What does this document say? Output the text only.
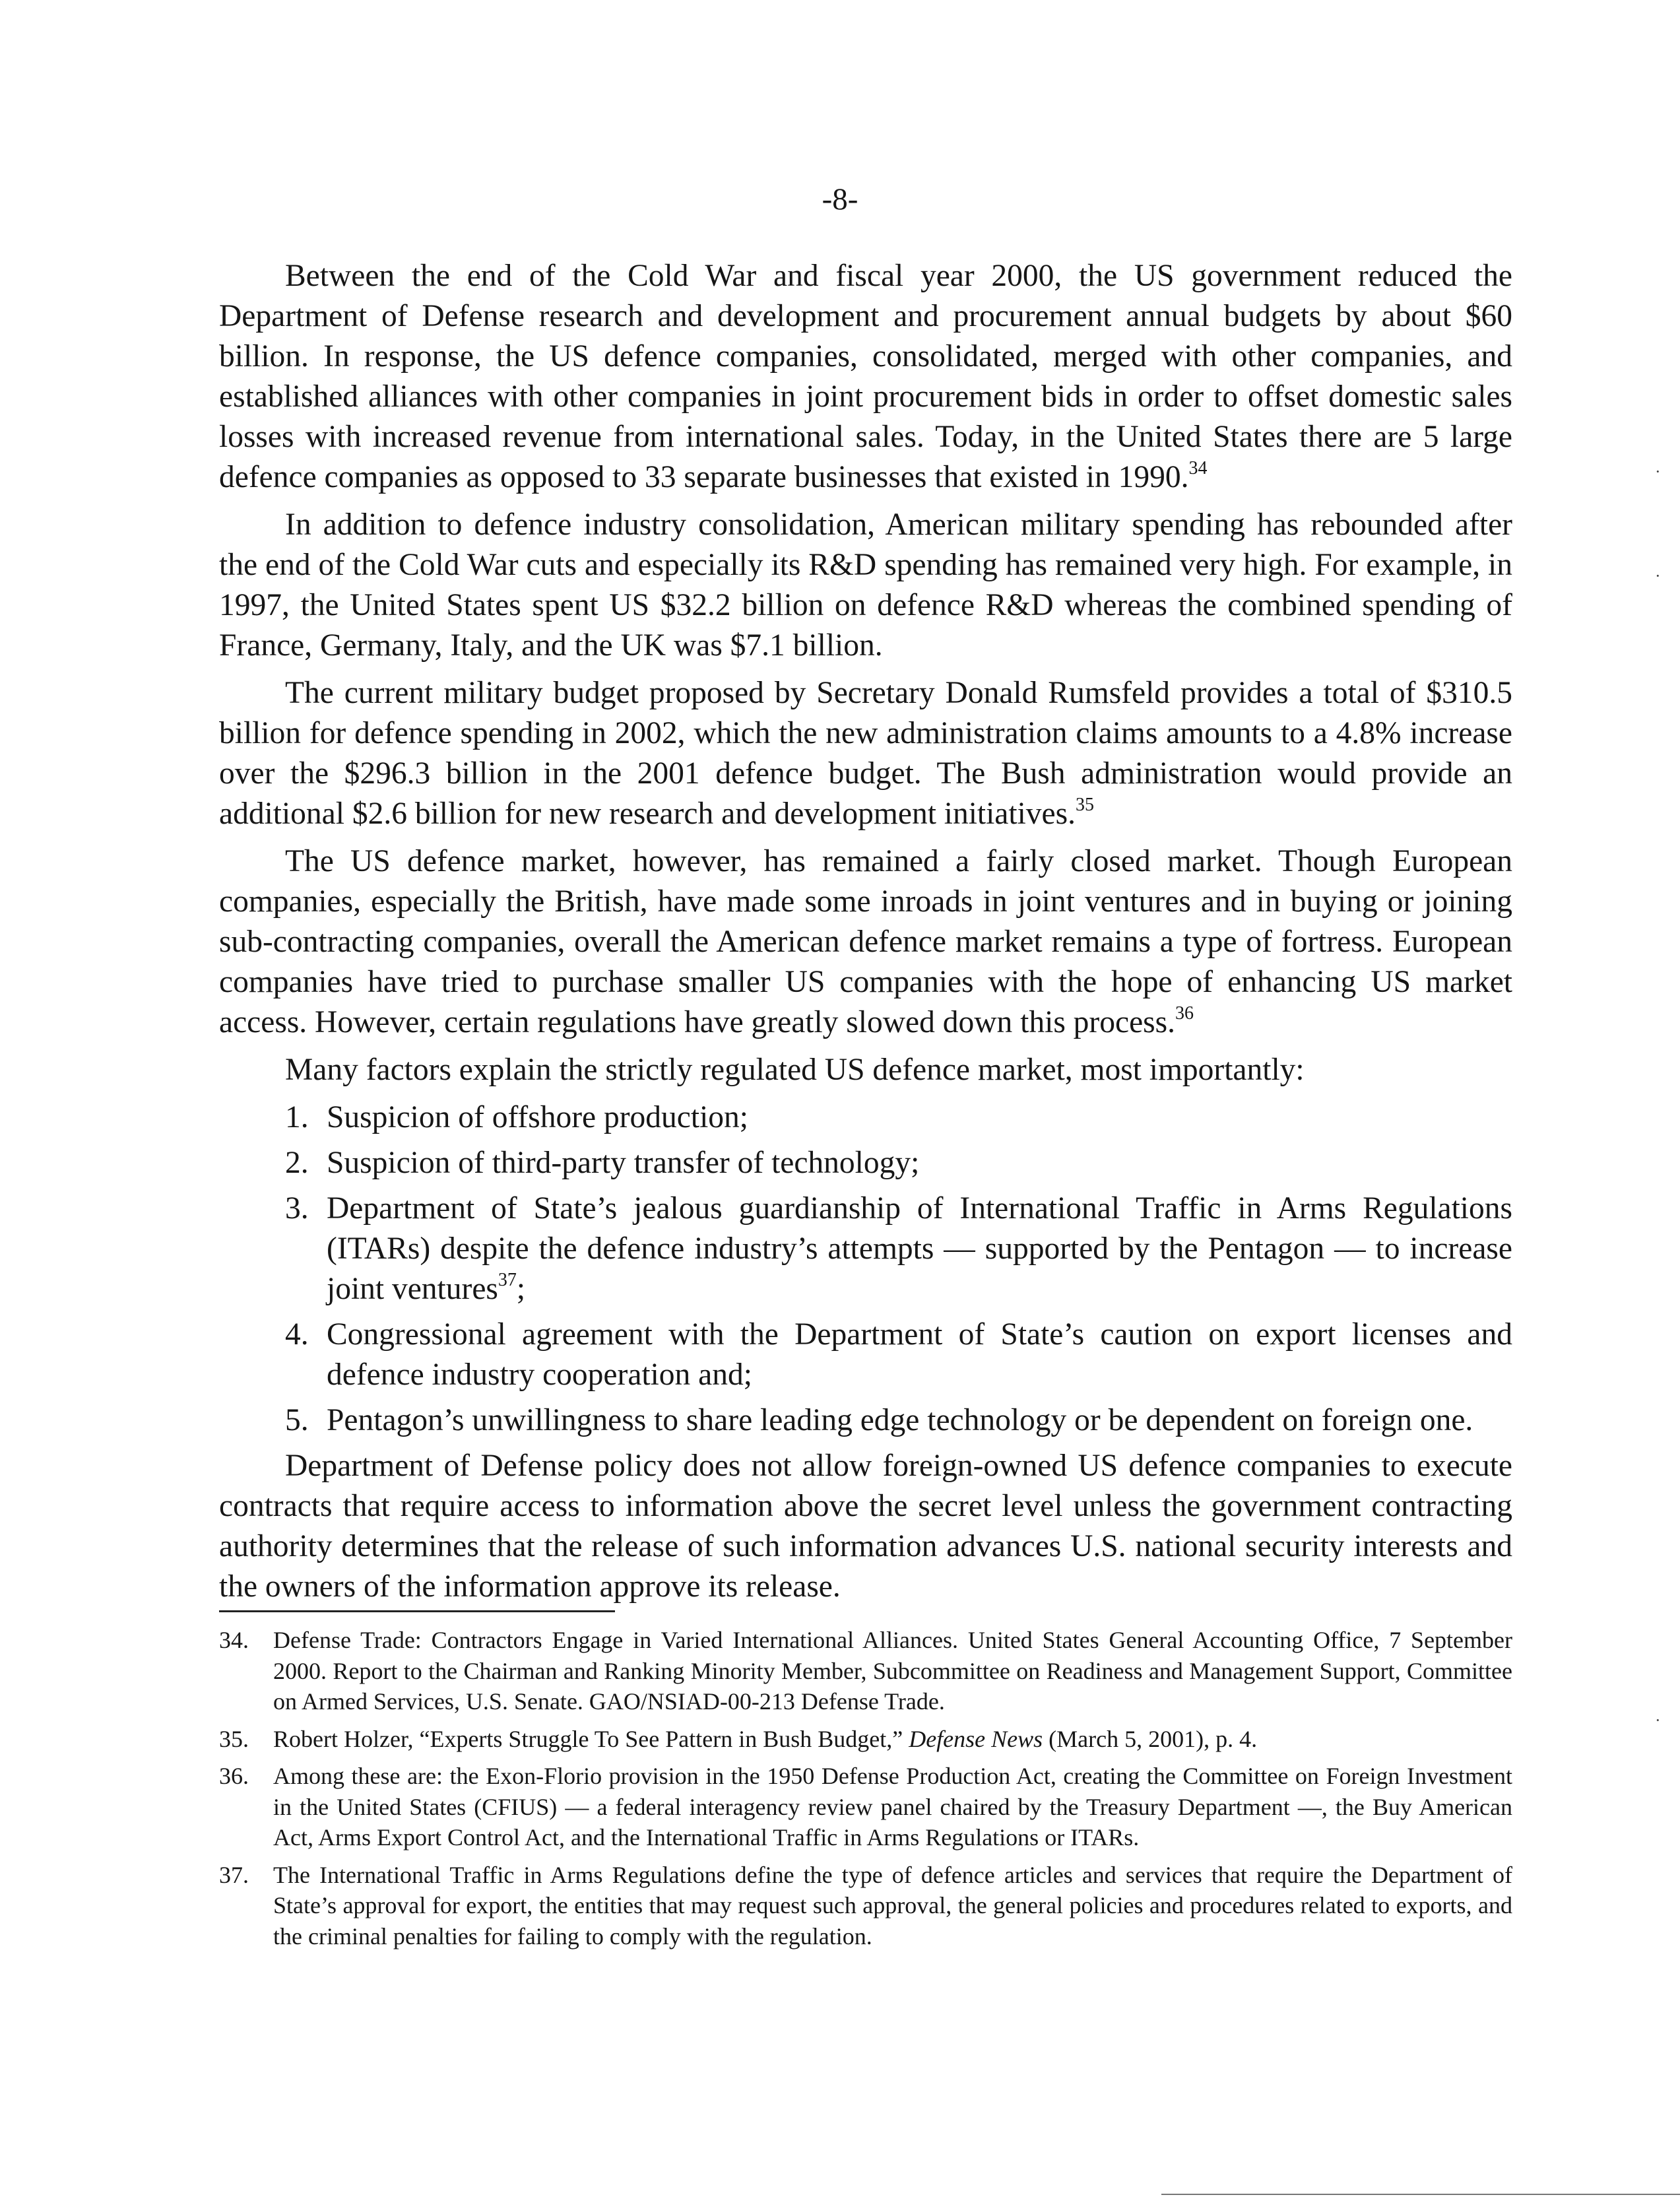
-8-

Between the end of the Cold War and fiscal year 2000, the US government reduced the Department of Defense research and development and procurement annual budgets by about $60 billion. In response, the US defence companies, consolidated, merged with other companies, and established alliances with other companies in joint procurement bids in order to offset domestic sales losses with increased revenue from international sales. Today, in the United States there are 5 large defence companies as opposed to 33 separate businesses that existed in 1990.34

In addition to defence industry consolidation, American military spending has rebounded after the end of the Cold War cuts and especially its R&D spending has remained very high. For example, in 1997, the United States spent US $32.2 billion on defence R&D whereas the combined spending of France, Germany, Italy, and the UK was $7.1 billion.

The current military budget proposed by Secretary Donald Rumsfeld provides a total of $310.5 billion for defence spending in 2002, which the new administration claims amounts to a 4.8% increase over the $296.3 billion in the 2001 defence budget. The Bush administration would provide an additional $2.6 billion for new research and development initiatives.$^{35}$

The US defence market, however, has remained a fairly closed market. Though European companies, especially the British, have made some inroads in joint ventures and in buying or joining sub-contracting companies, overall the American defence market remains a type of fortress. European companies have tried to purchase smaller US companies with the hope of enhancing US market access. However, certain regulations have greatly slowed down this process.$^{36}$

Many factors explain the strictly regulated US defence market, most importantly:

1. Suspicion of offshore production;
2. Suspicion of third-party transfer of technology;
3. Department of State’s jealous guardianship of International Traffic in Arms Regulations (ITARs) despite the defence industry’s attempts — supported by the Pentagon — to increase joint ventures$^{37}$;
4. Congressional agreement with the Department of State’s caution on export licenses and defence industry cooperation and;
5. Pentagon’s unwillingness to share leading edge technology or be dependent on foreign one.

Department of Defense policy does not allow foreign-owned US defence companies to execute contracts that require access to information above the secret level unless the government contracting authority determines that the release of such information advances U.S. national security interests and the owners of the information approve its release.

34. Defense Trade: Contractors Engage in Varied International Alliances. United States General Accounting Office, 7 September 2000. Report to the Chairman and Ranking Minority Member, Subcommittee on Readiness and Management Support, Committee on Armed Services, U.S. Senate. GAO/NSIAD-00-213 Defense Trade.
35. Robert Holzer, “Experts Struggle To See Pattern in Bush Budget,” Defense News (March 5, 2001), p. 4.
36. Among these are: the Exon-Florio provision in the 1950 Defense Production Act, creating the Committee on Foreign Investment in the United States (CFIUS) — a federal interagency review panel chaired by the Treasury Department —, the Buy American Act, Arms Export Control Act, and the International Traffic in Arms Regulations or ITARs.
37. The International Traffic in Arms Regulations define the type of defence articles and services that require the Department of State’s approval for export, the entities that may request such approval, the general policies and procedures related to exports, and the criminal penalties for failing to comply with the regulation.
·
·
·
